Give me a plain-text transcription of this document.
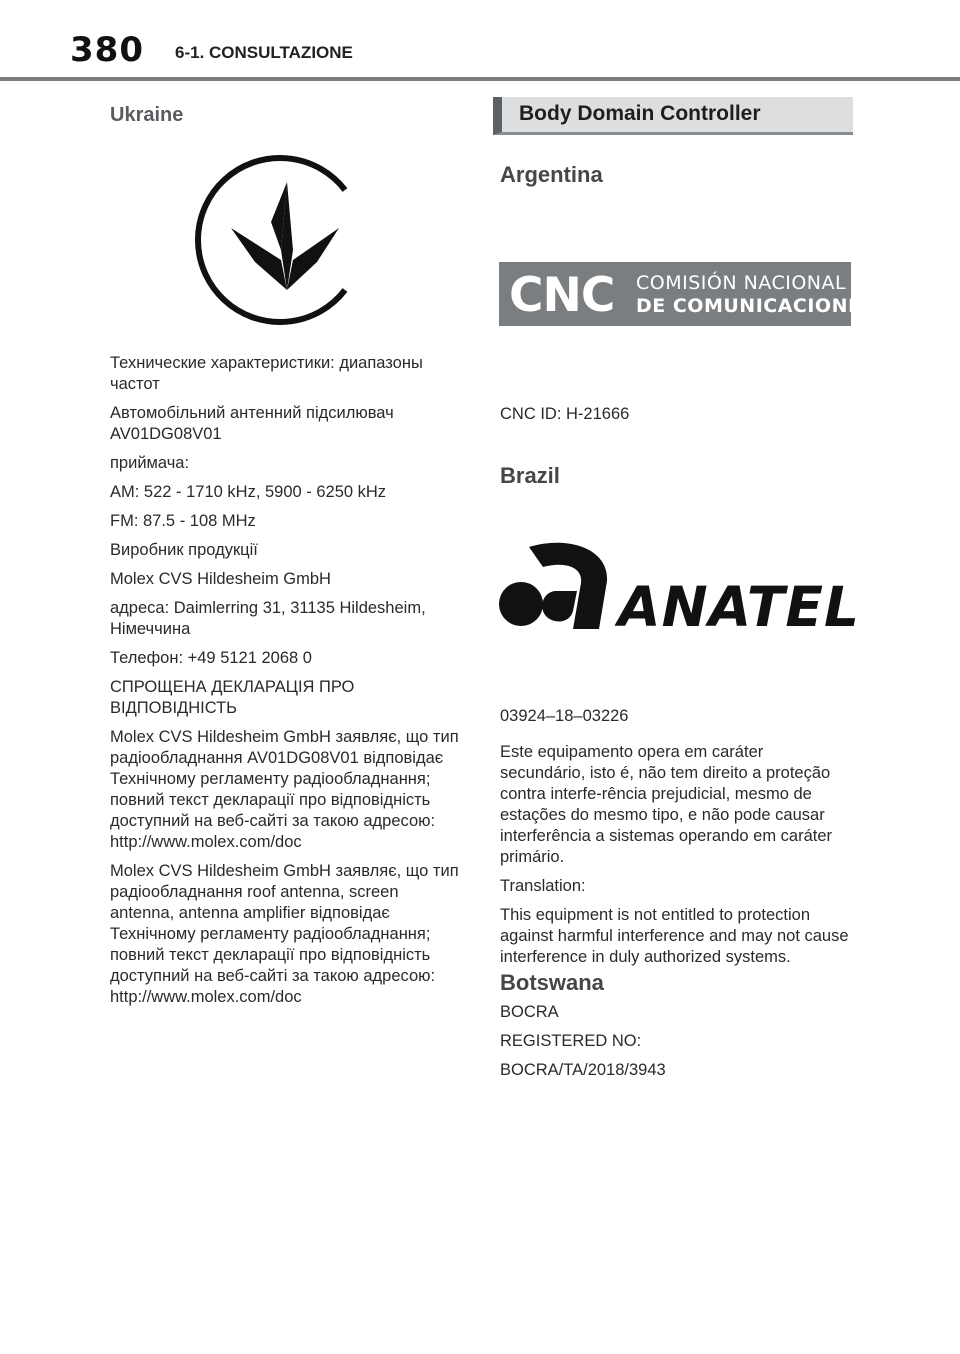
380 6-1. CONSULTAZIONE
Ukraine

Технические характеристики: диапазоны частот

Автомобільний антенний підсилювач AV01DG08V01

приймача:

AM: 522 - 1710 kHz, 5900 - 6250 kHz

FM: 87.5 - 108 MHz

Виробник продукції

Molex CVS Hildesheim GmbH

адреса: Daimlerring 31, 31135 Hildesheim, Німеччина

Телефон: +49 5121 2068 0

СПРОЩЕНА ДЕКЛАРАЦІЯ ПРО ВІДПОВІДНІСТЬ

Molex CVS Hildesheim GmbH заявляє, що тип радіообладнання AV01DG08V01 відповідає Технічному регламенту радіообладнання; повний текст декларації про відповідність доступний на веб-сайті за такою адресою: http://www.molex.com/doc

Molex CVS Hildesheim GmbH заявляє, що тип радіообладнання roof antenna, screen antenna, antenna amplifier відповідає Технічному регламенту радіообладнання; повний текст декларації про відповідність доступний на веб-сайті за такою адресою: http://www.molex.com/doc

Body Domain Controller
Argentina
CNC COMISIÓN NACIONAL
DE COMUNICACIONES
CNC ID: H-21666
Brazil
ANATEL
03924–18–03226

Este equipamento opera em caráter secundário, isto é, não tem direito a proteção contra interfe-rência prejudicial, mesmo de estações do mesmo tipo, e não pode causar interferência a sistemas operando em caráter primário.

Translation:

This equipment is not entitled to protection against harmful interference and may not cause interference in duly authorized systems.

Botswana

BOCRA

REGISTERED NO:

BOCRA/TA/2018/3943
